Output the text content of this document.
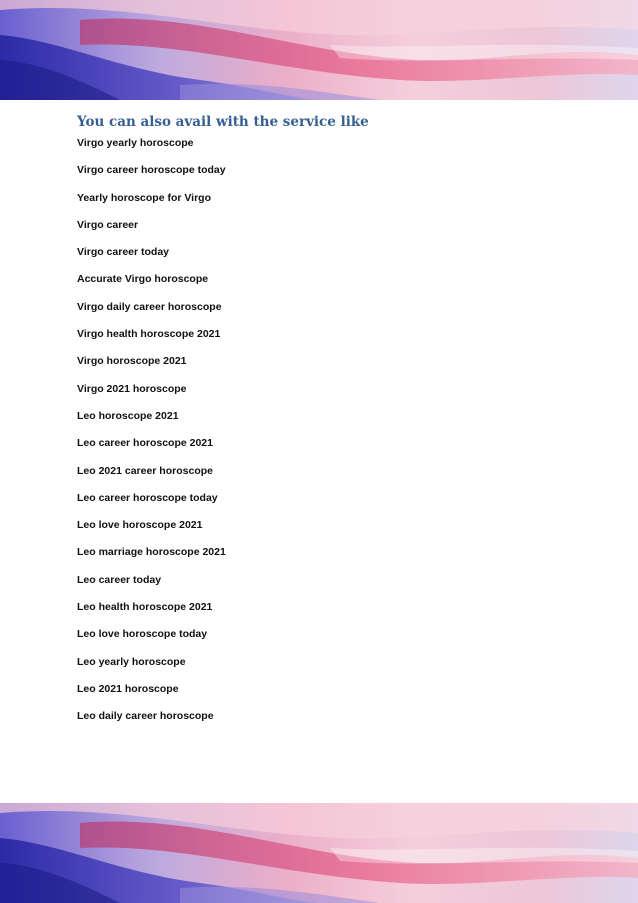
You can also avail with the service like
Virgo yearly horoscope
Virgo career horoscope today
Yearly horoscope for Virgo
Virgo career
Virgo career today
Accurate Virgo horoscope
Virgo daily career horoscope
Virgo health horoscope 2021
Virgo horoscope 2021
Virgo 2021 horoscope
Leo horoscope 2021
Leo career horoscope 2021
Leo 2021 career horoscope
Leo career horoscope today
Leo love horoscope 2021
Leo marriage horoscope 2021
Leo career today
Leo health horoscope 2021
Leo love horoscope today
Leo yearly horoscope
Leo 2021 horoscope
Leo daily career horoscope
